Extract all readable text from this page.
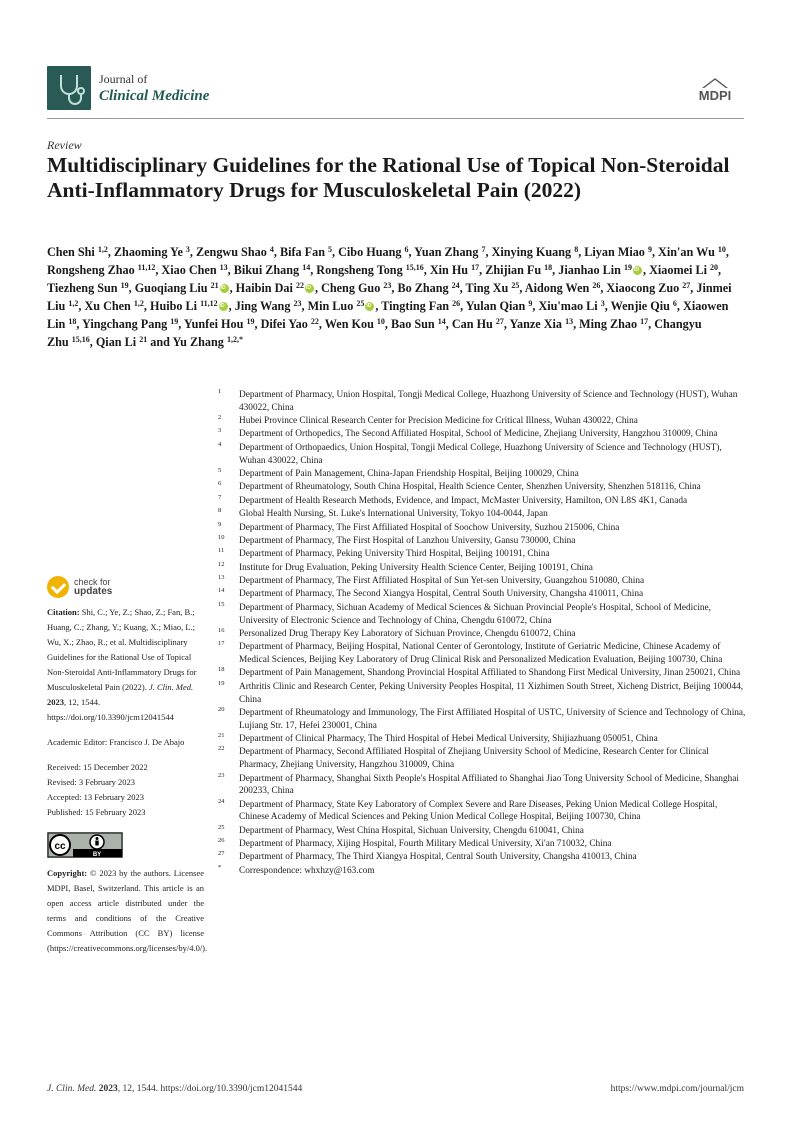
Journal of
Clinical Medicine	MDPI
Review
Multidisciplinary Guidelines for the Rational Use of Topical Non-Steroidal Anti-Inflammatory Drugs for Musculoskeletal Pain (2022)
Chen Shi $^{1,2}$, Zhaoming Ye $^3$, Zengwu Shao $^4$, Bifa Fan $^5$, Cibo Huang $^6$, Yuan Zhang $^7$, Xinying Kuang $^8$, Liyan Miao $^9$, Xin'an Wu $^{10}$, Rongsheng Zhao $^{11,12}$, Xiao Chen $^{13}$, Bikui Zhang $^{14}$, Rongsheng Tong $^{15,16}$, Xin Hu $^{17}$, Zhijian Fu $^{18}$, Jianhao Lin $^{19}$ iD , Xiaomei Li $^{20}$, Tiezheng Sun $^{19}$, Guoqiang Liu $^{21}$ iD , Haibin Dai $^{22}$ iD , Cheng Guo $^{23}$, Bo Zhang $^{24}$, Ting Xu $^{25}$, Aidong Wen $^{26}$, Xiaocong Zuo $^{27}$, Jinmei Liu $^{1,2}$, Xu Chen $^{1,2}$, Huibo Li $^{11,12}$ iD , Jing Wang $^{23}$, Min Luo $^{25}$ iD , Tingting Fan $^{26}$, Yulan Qian $^9$, Xiu'mao Li $^3$, Wenjie Qiu $^6$, Xiaowen Lin $^{18}$, Yingchang Pang $^{19}$, Yunfei Hou $^{19}$, Difei Yao $^{22}$, Wen Kou $^{10}$, Bao Sun $^{14}$, Can Hu $^{27}$, Yanze Xia $^{13}$, Ming Zhao $^{17}$, Changyu Zhu $^{15,16}$, Qian Li $^{21}$ and Yu Zhang $^{1,2,*}$
1 Department of Pharmacy, Union Hospital, Tongji Medical College, Huazhong University of Science and Technology (HUST), Wuhan 430022, China
2 Hubei Province Clinical Research Center for Precision Medicine for Critical Illness, Wuhan 430022, China
3 Department of Orthopedics, The Second Affiliated Hospital, School of Medicine, Zhejiang University, Hangzhou 310009, China
4 Department of Orthopaedics, Union Hospital, Tongji Medical College, Huazhong University of Science and Technology (HUST), Wuhan 430022, China
5 Department of Pain Management, China-Japan Friendship Hospital, Beijing 100029, China
6 Department of Rheumatology, South China Hospital, Health Science Center, Shenzhen University, Shenzhen 518116, China
7 Department of Health Research Methods, Evidence, and Impact, McMaster University, Hamilton, ON L8S 4K1, Canada
8 Global Health Nursing, St. Luke's International University, Tokyo 104-0044, Japan
9 Department of Pharmacy, The First Affiliated Hospital of Soochow University, Suzhou 215006, China
10 Department of Pharmacy, The First Hospital of Lanzhou University, Gansu 730000, China
11 Department of Pharmacy, Peking University Third Hospital, Beijing 100191, China
12 Institute for Drug Evaluation, Peking University Health Science Center, Beijing 100191, China
13 Department of Pharmacy, The First Affiliated Hospital of Sun Yet-sen University, Guangzhou 510080, China
14 Department of Pharmacy, The Second Xiangya Hospital, Central South University, Changsha 410011, China
15 Department of Pharmacy, Sichuan Academy of Medical Sciences & Sichuan Provincial People's Hospital, School of Medicine, University of Electronic Science and Technology of China, Chengdu 610072, China
16 Personalized Drug Therapy Key Laboratory of Sichuan Province, Chengdu 610072, China
17 Department of Pharmacy, Beijing Hospital, National Center of Gerontology, Institute of Geriatric Medicine, Chinese Academy of Medical Sciences, Beijing Key Laboratory of Drug Clinical Risk and Personalized Medication Evaluation, Beijing 100730, China
18 Department of Pain Management, Shandong Provincial Hospital Affiliated to Shandong First Medical University, Jinan 250021, China
19 Arthritis Clinic and Research Center, Peking University Peoples Hospital, 11 Xizhimen South Street, Xicheng District, Beijing 100044, China
20 Department of Rheumatology and Immunology, The First Affiliated Hospital of USTC, University of Science and Technology of China, Lujiang Str. 17, Hefei 230001, China
21 Department of Clinical Pharmacy, The Third Hospital of Hebei Medical University, Shijiazhuang 050051, China
22 Department of Pharmacy, Second Affiliated Hospital of Zhejiang University School of Medicine, Research Center for Clinical Pharmacy, Zhejiang University, Hangzhou 310009, China
23 Department of Pharmacy, Shanghai Sixth People's Hospital Affiliated to Shanghai Jiao Tong University School of Medicine, Shanghai 200233, China
24 Department of Pharmacy, State Key Laboratory of Complex Severe and Rare Diseases, Peking Union Medical College Hospital, Chinese Academy of Medical Sciences and Peking Union Medical College Hospital, Beijing 100730, China
25 Department of Pharmacy, West China Hospital, Sichuan University, Chengdu 610041, China
26 Department of Pharmacy, Xijing Hospital, Fourth Military Medical University, Xi'an 710032, China
27 Department of Pharmacy, The Third Xiangya Hospital, Central South University, Changsha 410013, China
* Correspondence: whxhzy@163.com
check for
updates
Citation: Shi, C.; Ye, Z.; Shao, Z.; Fan, B.; Huang, C.; Zhang, Y.; Kuang, X.; Miao, L.; Wu, X.; Zhao, R.; et al. Multidisciplinary Guidelines for the Rational Use of Topical Non-Steroidal Anti-Inflammatory Drugs for Musculoskeletal Pain (2022). J. Clin. Med. 2023, 12, 1544. https://doi.org/10.3390/jcm12041544
Academic Editor: Francisco J. De Abajo
Received: 15 December 2022
Revised: 3 February 2023
Accepted: 13 February 2023
Published: 15 February 2023
cc
BY
Copyright: © 2023 by the authors. Licensee MDPI, Basel, Switzerland. This article is an open access article distributed under the terms and conditions of the Creative Commons Attribution (CC BY) license (https://creativecommons.org/licenses/by/4.0/).
J. Clin. Med. 2023, 12, 1544. https://doi.org/10.3390/jcm12041544	https://www.mdpi.com/journal/jcm
